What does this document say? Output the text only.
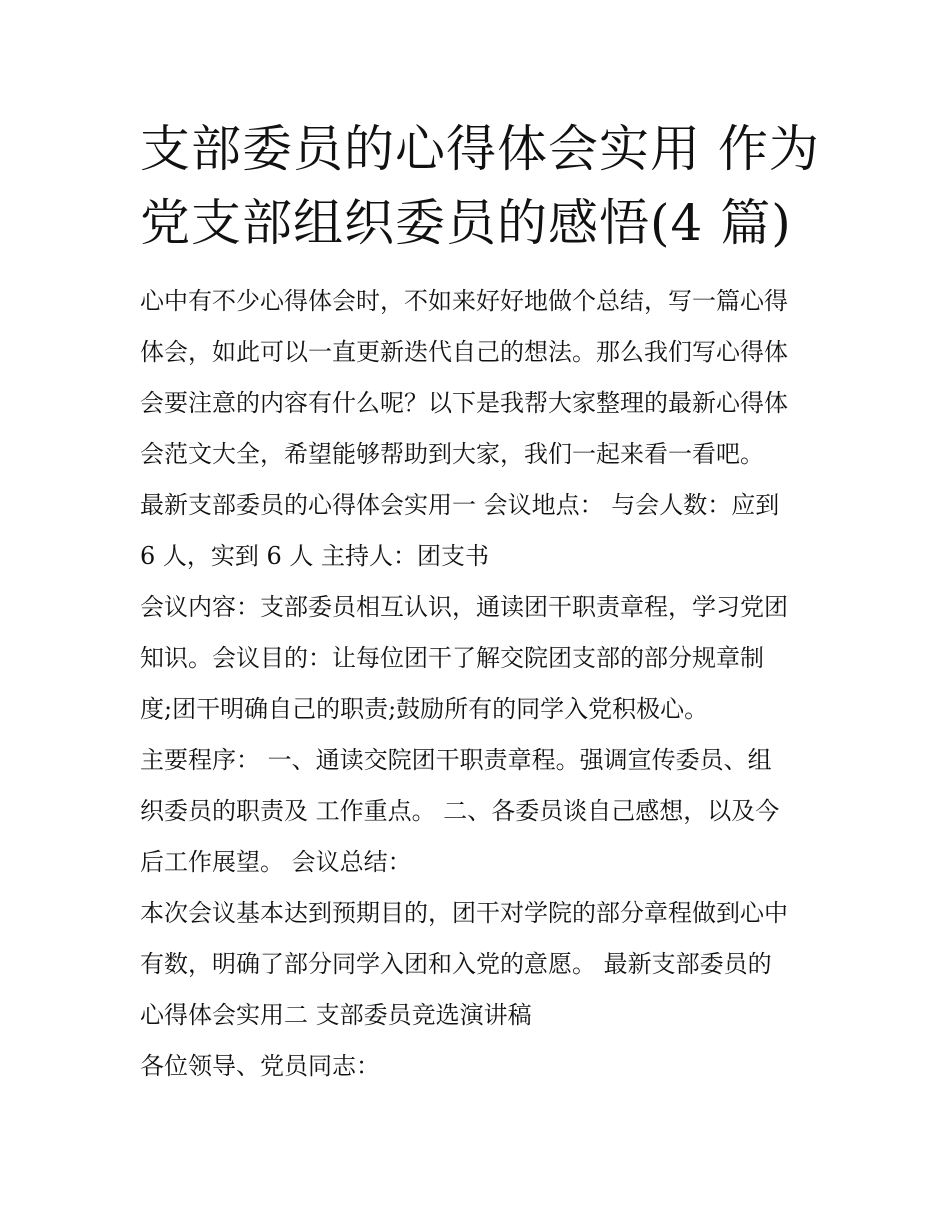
支部委员的心得体会实用 作为
党支部组织委员的感悟(4 篇)

心中有不少心得体会时，不如来好好地做个总结，写一篇心得
体会，如此可以一直更新迭代自己的想法。那么我们写心得体
会要注意的内容有什么呢？以下是我帮大家整理的最新心得体
会范文大全，希望能够帮助到大家，我们一起来看一看吧。

最新支部委员的心得体会实用一 会议地点： 与会人数：应到
6 人，实到 6 人 主持人：团支书

会议内容：支部委员相互认识，通读团干职责章程，学习党团
知识。会议目的：让每位团干了解交院团支部的部分规章制
度;团干明确自己的职责;鼓励所有的同学入党积极心。

主要程序： 一、通读交院团干职责章程。强调宣传委员、组
织委员的职责及 工作重点。 二、各委员谈自己感想，以及今
后工作展望。 会议总结：

本次会议基本达到预期目的，团干对学院的部分章程做到心中
有数，明确了部分同学入团和入党的意愿。 最新支部委员的
心得体会实用二 支部委员竞选演讲稿

各位领导、党员同志：
